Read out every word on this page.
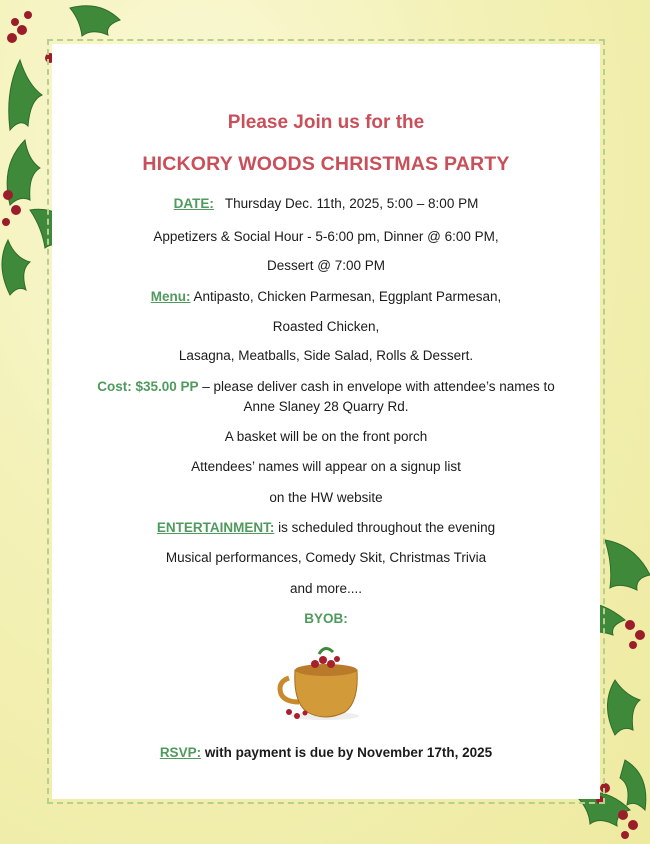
Please Join us for the
HICKORY WOODS CHRISTMAS PARTY
DATE: Thursday Dec. 11th, 2025, 5:00 – 8:00 PM
Appetizers & Social Hour - 5-6:00 pm, Dinner @ 6:00 PM,
Dessert @ 7:00 PM
Menu: Antipasto, Chicken Parmesan, Eggplant Parmesan,
Roasted Chicken,
Lasagna, Meatballs, Side Salad, Rolls & Dessert.
Cost: $35.00 PP – please deliver cash in envelope with attendee’s names to
Anne Slaney 28 Quarry Rd.
A basket will be on the front porch
Attendees’ names will appear on a signup list
on the HW website
ENTERTAINMENT: is scheduled throughout the evening
Musical performances, Comedy Skit, Christmas Trivia
and more....
BYOB:
RSVP: with payment is due by November 17th, 2025
